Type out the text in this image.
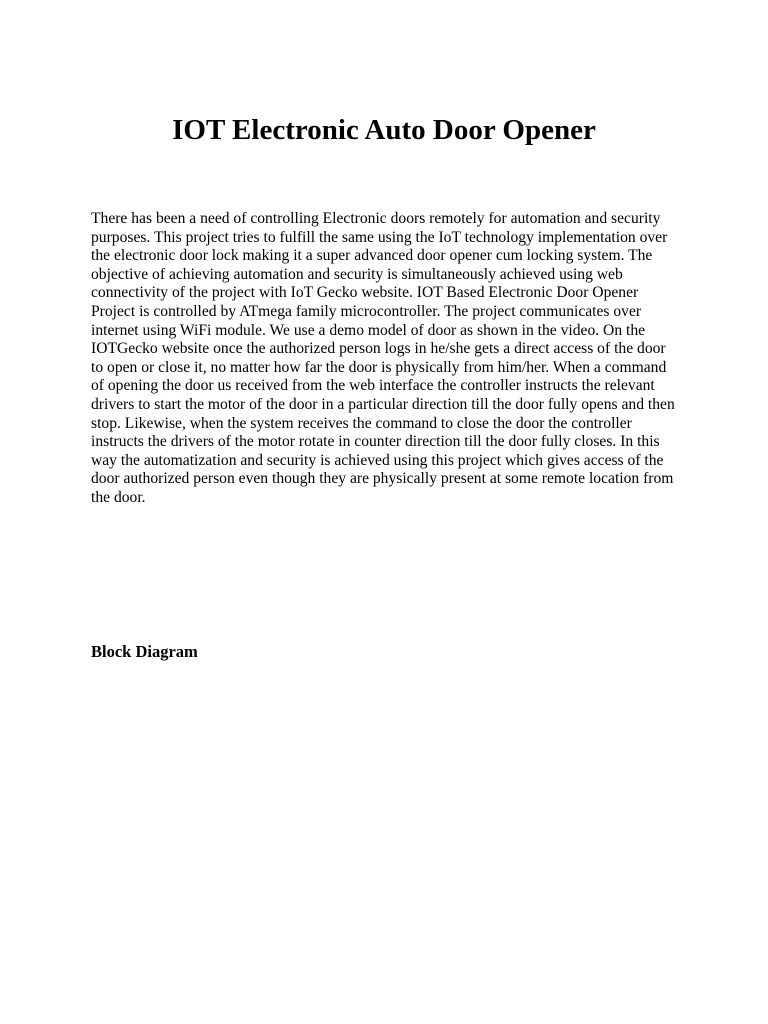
IOT Electronic Auto Door Opener

There has been a need of controlling Electronic doors remotely for automation and security purposes. This project tries to fulfill the same using the IoT technology implementation over the electronic door lock making it a super advanced door opener cum locking system. The objective of achieving automation and security is simultaneously achieved using web connectivity of the project with IoT Gecko website. IOT Based Electronic Door Opener Project is controlled by ATmega family microcontroller. The project communicates over internet using WiFi module. We use a demo model of door as shown in the video. On the IOTGecko website once the authorized person logs in he/she gets a direct access of the door to open or close it, no matter how far the door is physically from him/her. When a command of opening the door us received from the web interface the controller instructs the relevant drivers to start the motor of the door in a particular direction till the door fully opens and then stop. Likewise, when the system receives the command to close the door the controller instructs the drivers of the motor rotate in counter direction till the door fully closes. In this way the automatization and security is achieved using this project which gives access of the door authorized person even though they are physically present at some remote location from the door.

Block Diagram
